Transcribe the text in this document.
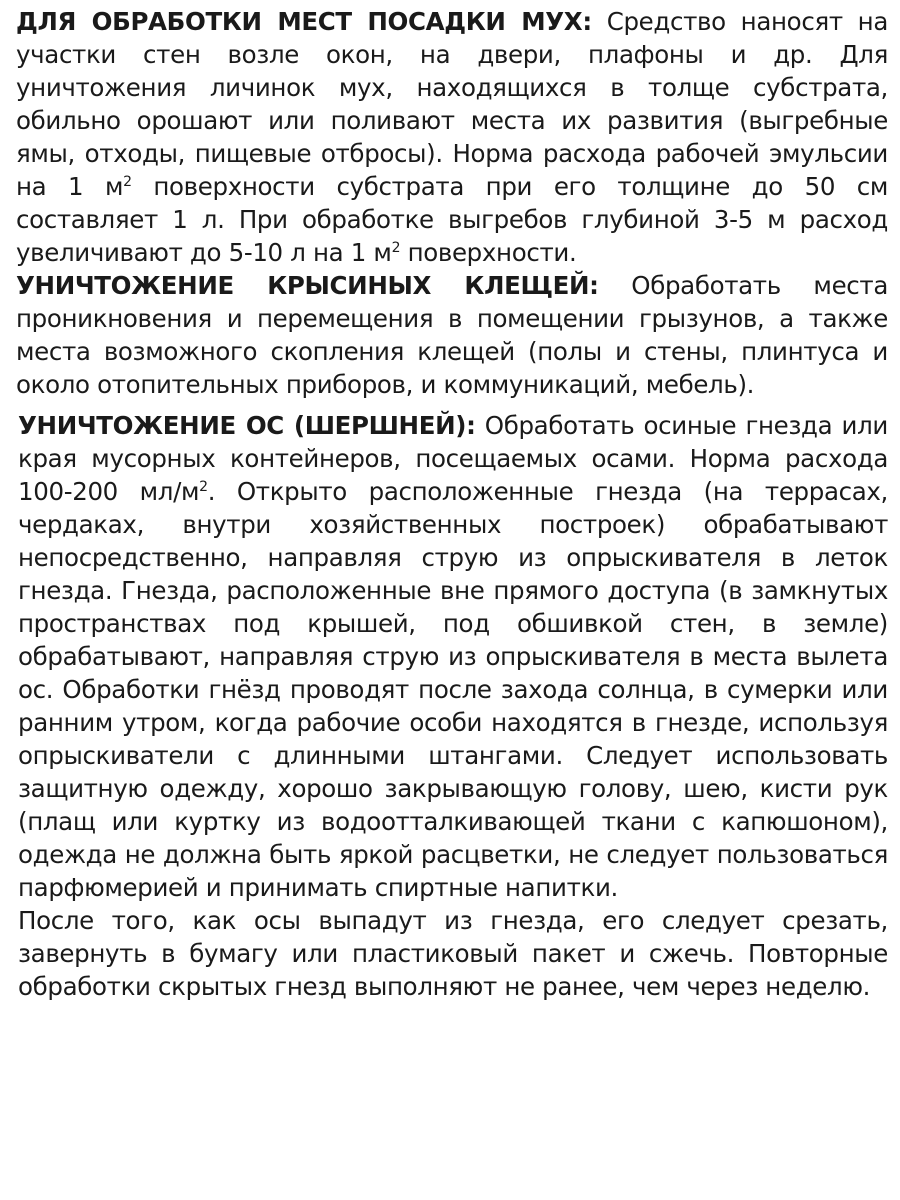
ДЛЯ ОБРАБОТКИ МЕСТ ПОСАДКИ МУХ: Средство наносят на участки стен возле окон, на двери, плафоны и др. Для уничтожения личинок мух, находящихся в толще субстрата, обильно орошают или поливают места их развития (выгребные ямы, отходы, пищевые отбросы). Норма расхода рабочей эмульсии на 1 $м^2$ поверхности субстрата при его толщине до 50 см составляет 1 л. При обработке выгребов глубиной 3-5 м расход увеличивают до 5-10 л на 1 $м^2$ поверхности.

УНИЧТОЖЕНИЕ КРЫСИНЫХ КЛЕЩЕЙ: Обработать места проникновения и перемещения в помещении грызунов, а также места возможного скопления клещей (полы и стены, плинтуса и около отопительных приборов, и коммуникаций, мебель).

УНИЧТОЖЕНИЕ ОС (ШЕРШНЕЙ): Обработать осиные гнезда или края мусорных контейнеров, посещаемых осами. Норма расхода 100-200 $мл/м^2$. Открыто расположенные гнезда (на террасах, чердаках, внутри хозяйственных построек) обрабатывают непосредственно, направляя струю из опрыскивателя в леток гнезда. Гнезда, расположенные вне прямого доступа (в замкнутых пространствах под крышей, под обшивкой стен, в земле) обрабатывают, направляя струю из опрыскивателя в места вылета ос. Обработки гнёзд проводят после захода солнца, в сумерки или ранним утром, когда рабочие особи находятся в гнезде, используя опрыскиватели с длинными штангами. Следует использовать защитную одежду, хорошо закрывающую голову, шею, кисти рук (плащ или куртку из водоотталкивающей ткани с капюшоном), одежда не должна быть яркой расцветки, не следует пользоваться парфюмерией и принимать спиртные напитки.

После того, как осы выпадут из гнезда, его следует срезать, завернуть в бумагу или пластиковый пакет и сжечь. Повторные обработки скрытых гнезд выполняют не ранее, чем через неделю.
